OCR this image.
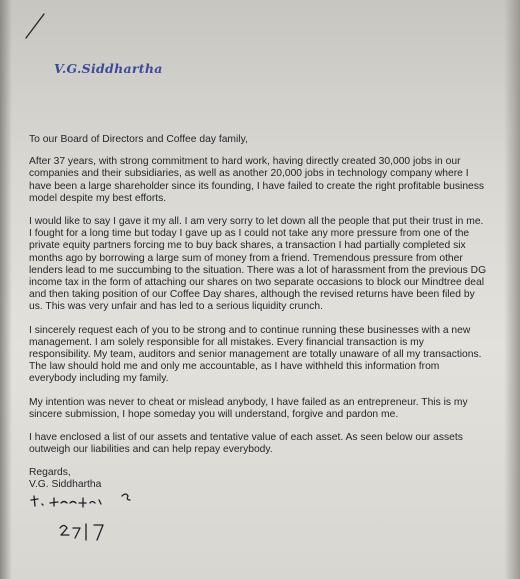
V.G.Siddhartha

To our Board of Directors and Coffee day family,

After 37 years, with strong commitment to hard work, having directly created 30,000 jobs in our companies and their subsidiaries, as well as another 20,000 jobs in technology company where I have been a large shareholder since its founding, I have failed to create the right profitable business model despite my best efforts.

I would like to say I gave it my all. I am very sorry to let down all the people that put their trust in me. I fought for a long time but today I gave up as I could not take any more pressure from one of the private equity partners forcing me to buy back shares, a transaction I had partially completed six months ago by borrowing a large sum of money from a friend. Tremendous pressure from other lenders lead to me succumbing to the situation. There was a lot of harassment from the previous DG income tax in the form of attaching our shares on two separate occasions to block our Mindtree deal and then taking position of our Coffee Day shares, although the revised returns have been filed by us. This was very unfair and has led to a serious liquidity crunch.

I sincerely request each of you to be strong and to continue running these businesses with a new management. I am solely responsible for all mistakes. Every financial transaction is my responsibility. My team, auditors and senior management are totally unaware of all my transactions. The law should hold me and only me accountable, as I have withheld this information from everybody including my family.

My intention was never to cheat or mislead anybody, I have failed as an entrepreneur. This is my sincere submission, I hope someday you will understand, forgive and pardon me.

I have enclosed a list of our assets and tentative value of each asset. As seen below our assets outweigh our liabilities and can help repay everybody.

Regards,
V.G. Siddhartha
